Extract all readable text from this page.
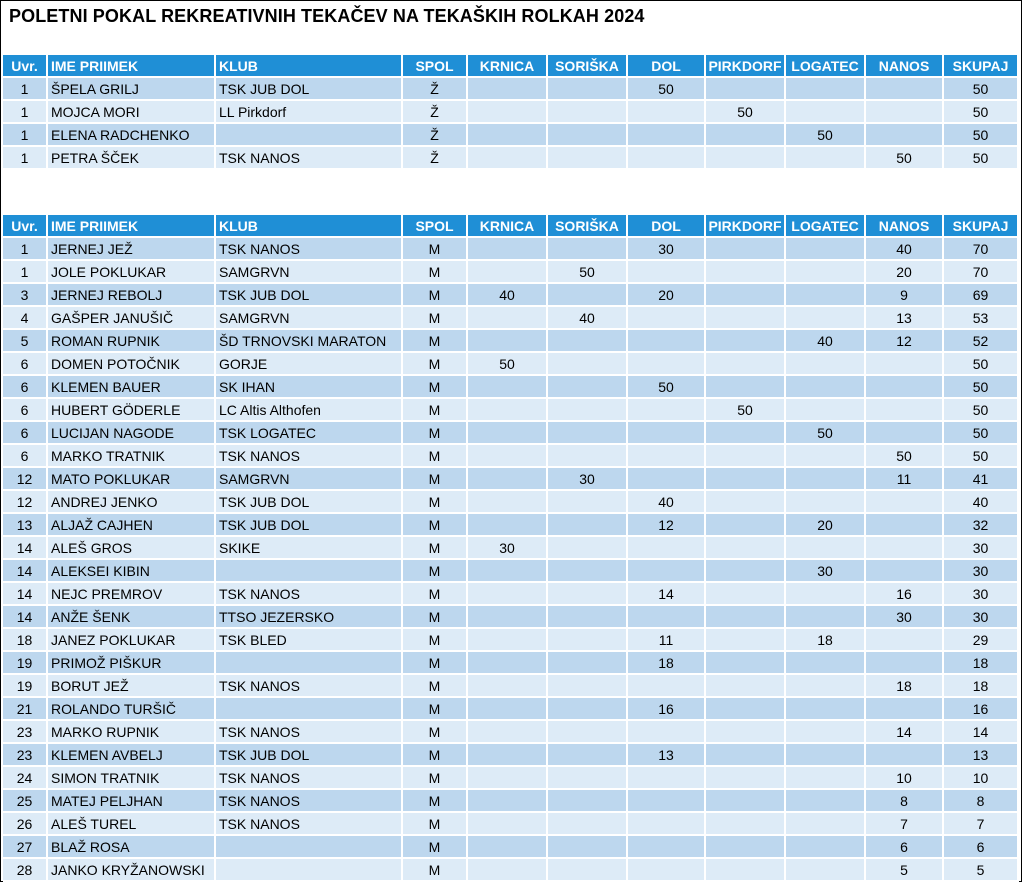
POLETNI POKAL REKREATIVNIH TEKAČEV NA TEKAŠKIH ROLKAH 2024
Uvr.	IME PRIIMEK	KLUB	SPOL	KRNICA	SORIŠKA	DOL	PIRKDORF	LOGATEC	NANOS	SKUPAJ
1	ŠPELA GRILJ	TSK JUB DOL	Ž			50				50
1	MOJCA MORI	LL Pirkdorf	Ž				50			50
1	ELENA RADCHENKO		Ž					50		50
1	PETRA ŠČEK	TSK NANOS	Ž						50	50
Uvr.	IME PRIIMEK	KLUB	SPOL	KRNICA	SORIŠKA	DOL	PIRKDORF	LOGATEC	NANOS	SKUPAJ
1	JERNEJ JEŽ	TSK NANOS	M			30			40	70
1	JOLE POKLUKAR	SAMGRVN	M		50				20	70
3	JERNEJ REBOLJ	TSK JUB DOL	M	40		20			9	69
4	GAŠPER JANUŠIČ	SAMGRVN	M		40				13	53
5	ROMAN RUPNIK	ŠD TRNOVSKI MARATON	M					40	12	52
6	DOMEN POTOČNIK	GORJE	M	50						50
6	KLEMEN BAUER	SK IHAN	M			50				50
6	HUBERT GÖDERLE	LC Altis Althofen	M				50			50
6	LUCIJAN NAGODE	TSK LOGATEC	M					50		50
6	MARKO TRATNIK	TSK NANOS	M						50	50
12	MATO POKLUKAR	SAMGRVN	M		30				11	41
12	ANDREJ JENKO	TSK JUB DOL	M			40				40
13	ALJAŽ CAJHEN	TSK JUB DOL	M			12		20		32
14	ALEŠ GROS	SKIKE	M	30						30
14	ALEKSEI KIBIN		M					30		30
14	NEJC PREMROV	TSK NANOS	M			14			16	30
14	ANŽE ŠENK	TTSO JEZERSKO	M						30	30
18	JANEZ POKLUKAR	TSK BLED	M			11		18		29
19	PRIMOŽ PIŠKUR		M			18				18
19	BORUT JEŽ	TSK NANOS	M						18	18
21	ROLANDO TURŠIČ		M			16				16
23	MARKO RUPNIK	TSK NANOS	M						14	14
23	KLEMEN AVBELJ	TSK JUB DOL	M			13				13
24	SIMON TRATNIK	TSK NANOS	M						10	10
25	MATEJ PELJHAN	TSK NANOS	M						8	8
26	ALEŠ TUREL	TSK NANOS	M						7	7
27	BLAŽ ROSA		M						6	6
28	JANKO KRYŽANOWSKI		M						5	5
